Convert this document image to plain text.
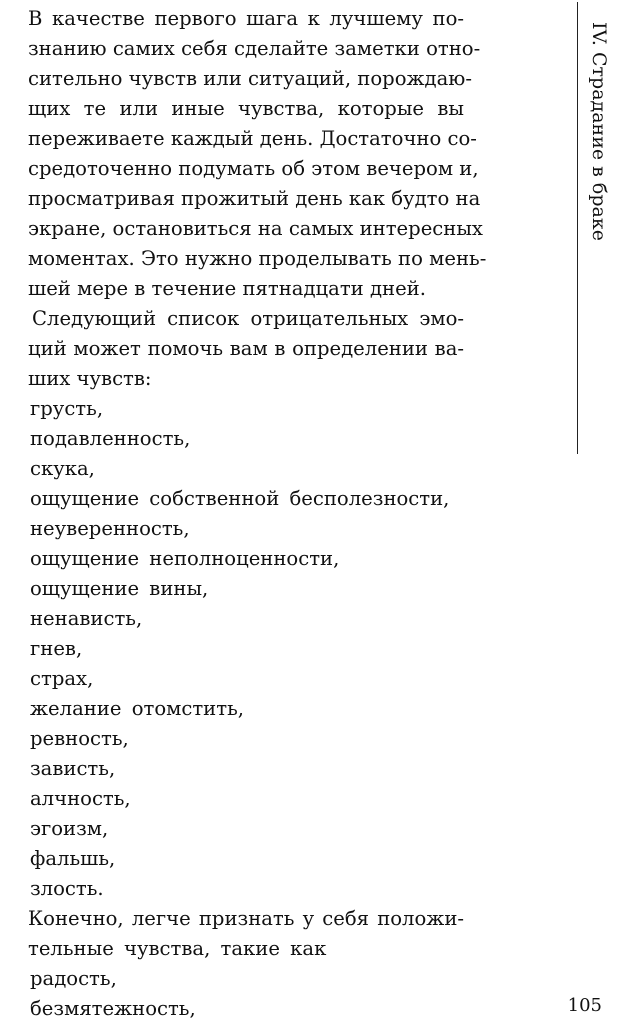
В качестве первого шага к лучшему по-
знанию самих себя сделайте заметки отно-
сительно чувств или ситуаций, порождаю-
щих те или иные чувства, которые вы
переживаете каждый день. Достаточно со-
средоточенно подумать об этом вечером и,
просматривая прожитый день как будто на
экране, остановиться на самых интересных
моментах. Это нужно проделывать по мень-
шей мере в течение пятнадцати дней.
Следующий список отрицательных эмо-
ций может помочь вам в определении ва-
ших чувств:
грусть,
подавленность,
скука,
ощущение собственной бесполезности,
неуверенность,
ощущение неполноценности,
ощущение вины,
ненависть,
гнев,
страх,
желание отомстить,
ревность,
зависть,
алчность,
эгоизм,
фальшь,
злость.
Конечно, легче признать у себя положи-
тельные чувства, такие как
радость,
безмятежность,
IV. Страдание в браке
105
